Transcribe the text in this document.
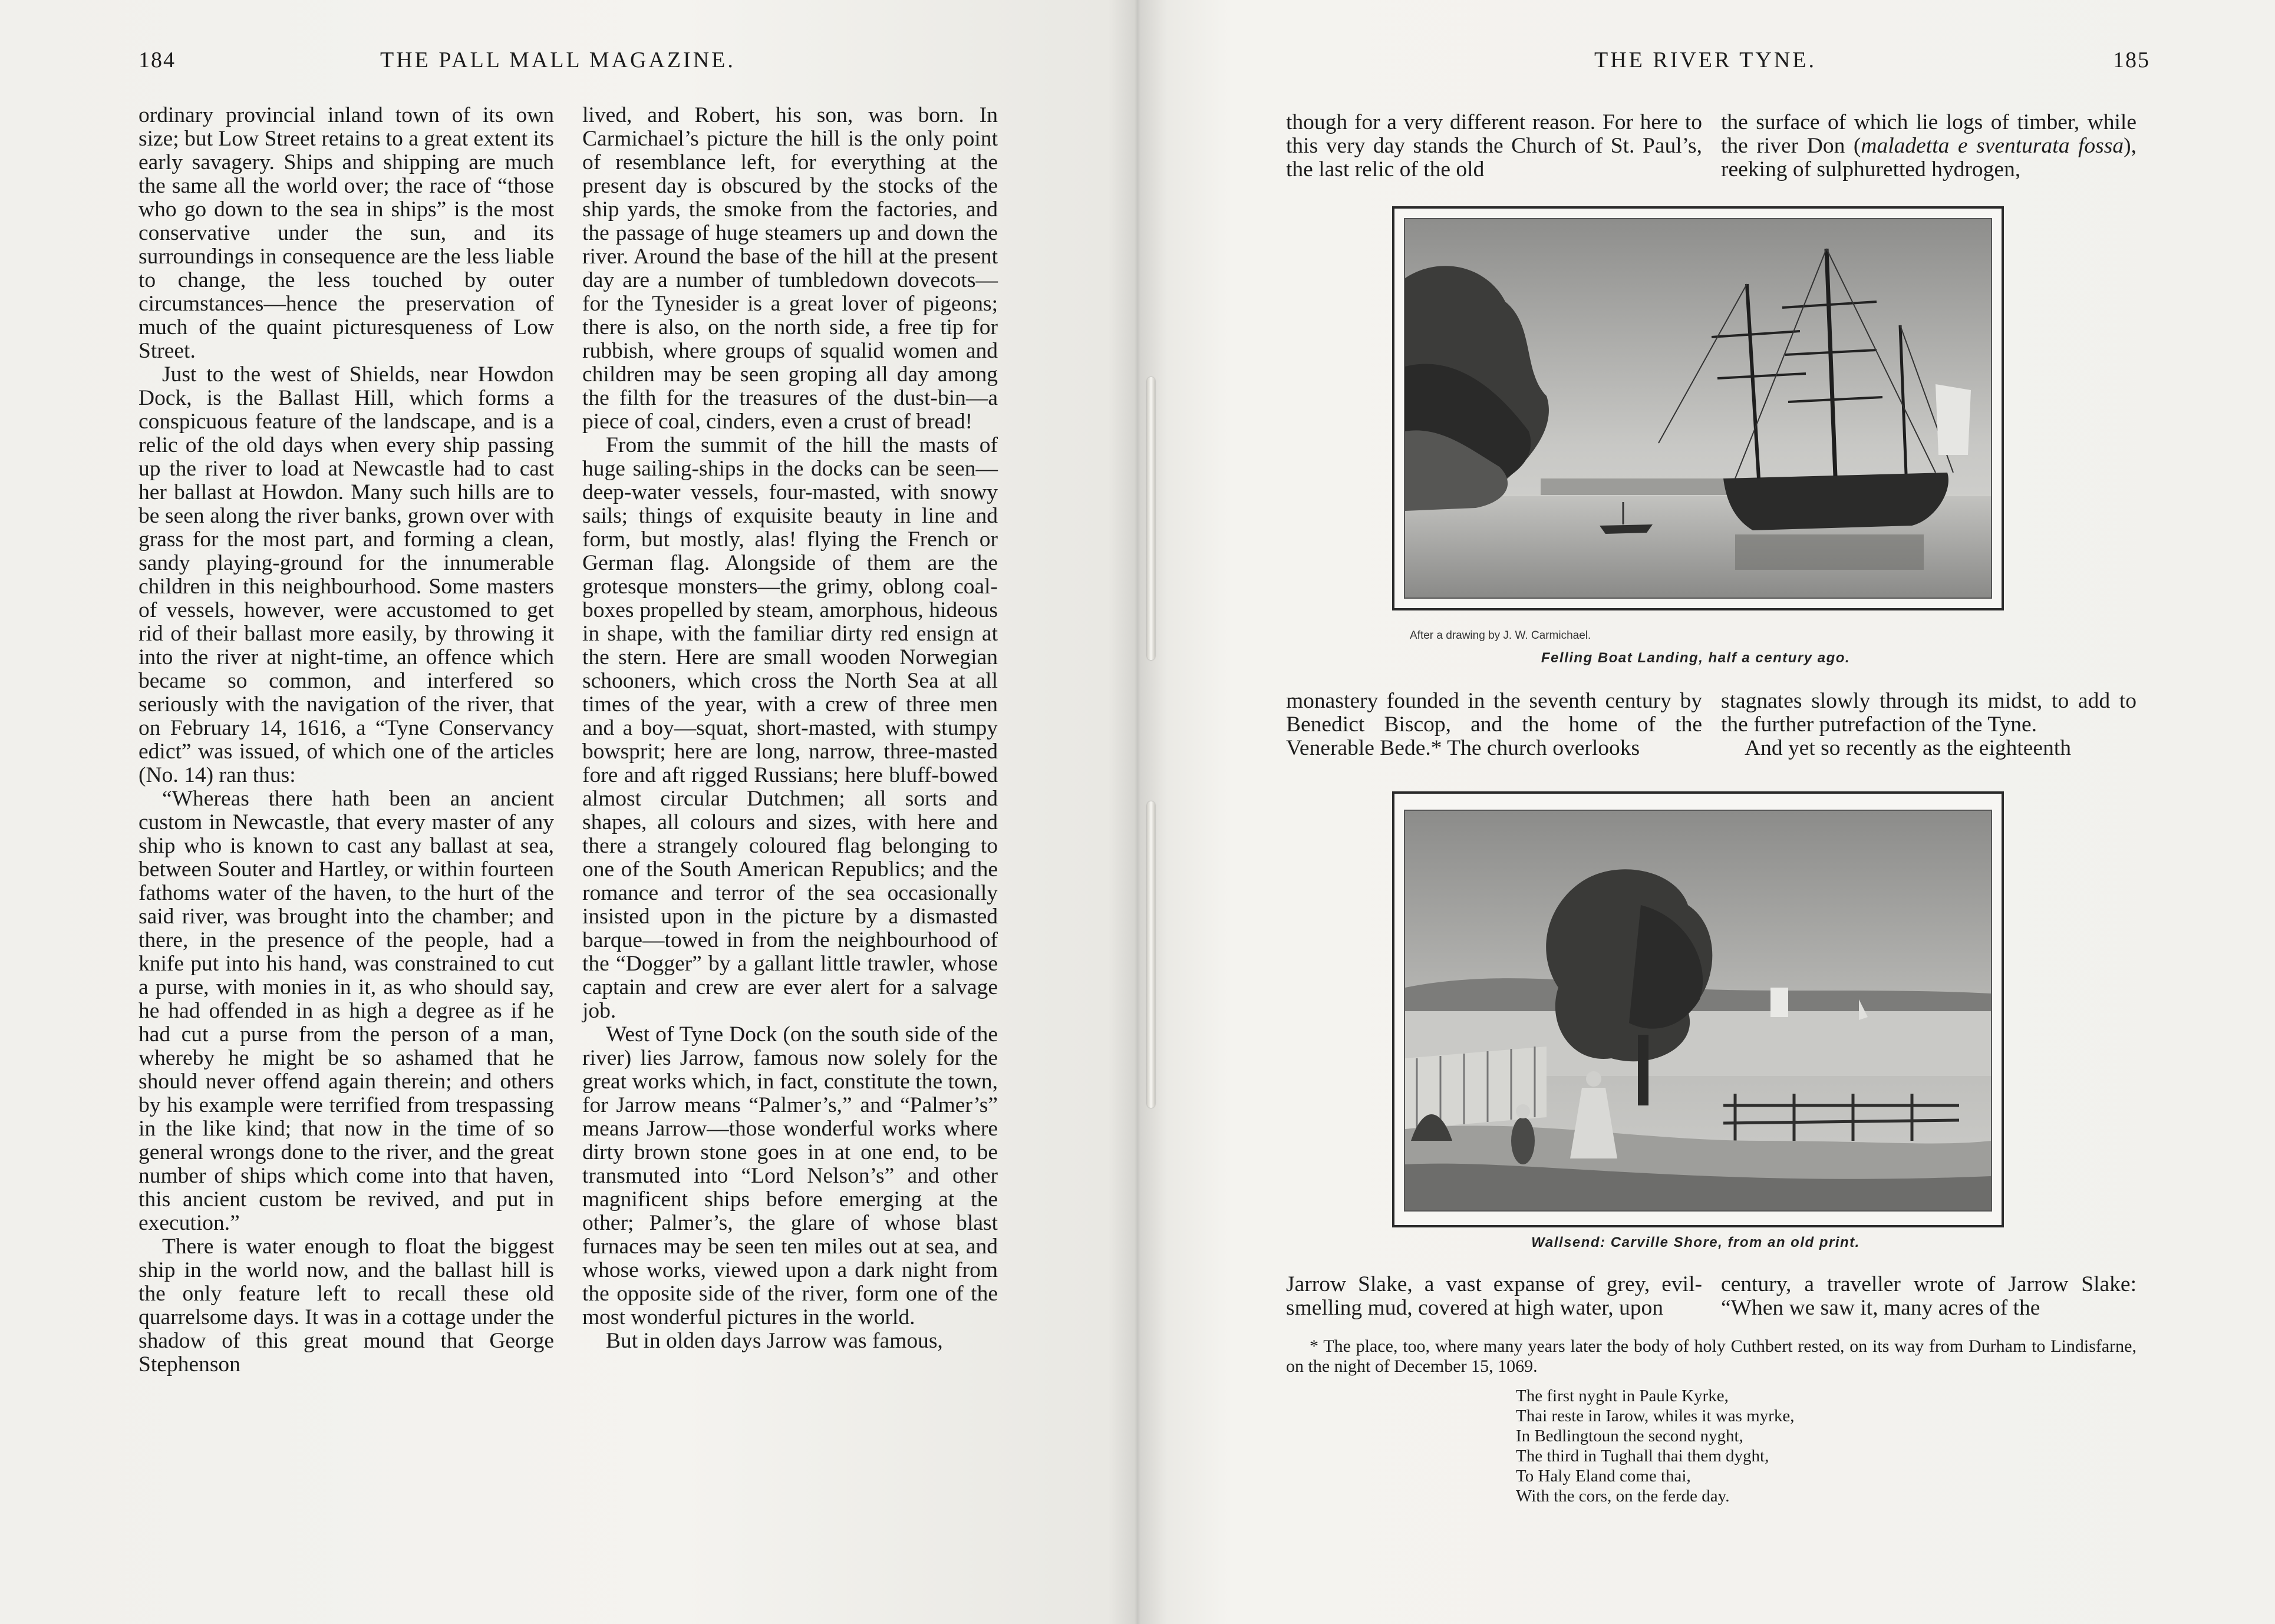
184	THE PALL MALL MAGAZINE.

ordinary provincial inland town of its own size; but Low Street retains to a great extent its early savagery. Ships and shipping are much the same all the world over; the race of “those who go down to the sea in ships” is the most conservative under the sun, and its surroundings in consequence are the less liable to change, the less touched by outer circumstances—hence the preservation of much of the quaint picturesqueness of Low Street.

Just to the west of Shields, near Howdon Dock, is the Ballast Hill, which forms a conspicuous feature of the landscape, and is a relic of the old days when every ship passing up the river to load at Newcastle had to cast her ballast at Howdon. Many such hills are to be seen along the river banks, grown over with grass for the most part, and forming a clean, sandy playing-ground for the innumerable children in this neighbourhood. Some masters of vessels, however, were accustomed to get rid of their ballast more easily, by throwing it into the river at night-time, an offence which became so common, and interfered so seriously with the navigation of the river, that on February 14, 1616, a “Tyne Conservancy edict” was issued, of which one of the articles (No. 14) ran thus:

“Whereas there hath been an ancient custom in Newcastle, that every master of any ship who is known to cast any ballast at sea, between Souter and Hartley, or within fourteen fathoms water of the haven, to the hurt of the said river, was brought into the chamber; and there, in the presence of the people, had a knife put into his hand, was constrained to cut a purse, with monies in it, as who should say, he had offended in as high a degree as if he had cut a purse from the person of a man, whereby he might be so ashamed that he should never offend again therein; and others by his example were terrified from trespassing in the like kind; that now in the time of so general wrongs done to the river, and the great number of ships which come into that haven, this ancient custom be revived, and put in execution.”

There is water enough to float the biggest ship in the world now, and the ballast hill is the only feature left to recall these old quarrelsome days. It was in a cottage under the shadow of this great mound that George Stephenson

lived, and Robert, his son, was born. In Carmichael’s picture the hill is the only point of resemblance left, for everything at the present day is obscured by the stocks of the ship yards, the smoke from the factories, and the passage of huge steamers up and down the river. Around the base of the hill at the present day are a number of tumbledown dovecots—for the Tynesider is a great lover of pigeons; there is also, on the north side, a free tip for rubbish, where groups of squalid women and children may be seen groping all day among the filth for the treasures of the dust-bin—a piece of coal, cinders, even a crust of bread!

From the summit of the hill the masts of huge sailing-ships in the docks can be seen—deep-water vessels, four-masted, with snowy sails; things of exquisite beauty in line and form, but mostly, alas! flying the French or German flag. Alongside of them are the grotesque monsters—the grimy, oblong coal-boxes propelled by steam, amorphous, hideous in shape, with the familiar dirty red ensign at the stern. Here are small wooden Norwegian schooners, which cross the North Sea at all times of the year, with a crew of three men and a boy—squat, short-masted, with stumpy bowsprit; here are long, narrow, three-masted fore and aft rigged Russians; here bluff-bowed almost circular Dutchmen; all sorts and shapes, all colours and sizes, with here and there a strangely coloured flag belonging to one of the South American Republics; and the romance and terror of the sea occasionally insisted upon in the picture by a dismasted barque—towed in from the neighbourhood of the “Dogger” by a gallant little trawler, whose captain and crew are ever alert for a salvage job.

West of Tyne Dock (on the south side of the river) lies Jarrow, famous now solely for the great works which, in fact, constitute the town, for Jarrow means “Palmer’s,” and “Palmer’s” means Jarrow—those wonderful works where dirty brown stone goes in at one end, to be transmuted into “Lord Nelson’s” and other magnificent ships before emerging at the other; Palmer’s, the glare of whose blast furnaces may be seen ten miles out at sea, and whose works, viewed upon a dark night from the opposite side of the river, form one of the most wonderful pictures in the world.

But in olden days Jarrow was famous,

THE RIVER TYNE.	185

though for a very different reason. For here to this very day stands the Church of St. Paul’s, the last relic of the old

the surface of which lie logs of timber, while the river Don (maladetta e sventurata fossa), reeking of sulphuretted hydrogen,

After a drawing by J. W. Carmichael.
Felling Boat Landing, half a century ago.

monastery founded in the seventh century by Benedict Biscop, and the home of the Venerable Bede.* The church overlooks

stagnates slowly through its midst, to add to the further putrefaction of the Tyne.

And yet so recently as the eighteenth

Wallsend: Carville Shore, from an old print.

Jarrow Slake, a vast expanse of grey, evil-smelling mud, covered at high water, upon

century, a traveller wrote of Jarrow Slake: “When we saw it, many acres of the

* The place, too, where many years later the body of holy Cuthbert rested, on its way from Durham to Lindisfarne, on the night of December 15, 1069.

The first nyght in Paule Kyrke,
Thai reste in Iarow, whiles it was myrke,
In Bedlingtoun the second nyght,
The third in Tughall thai them dyght,
To Haly Eland come thai,
With the cors, on the ferde day.
